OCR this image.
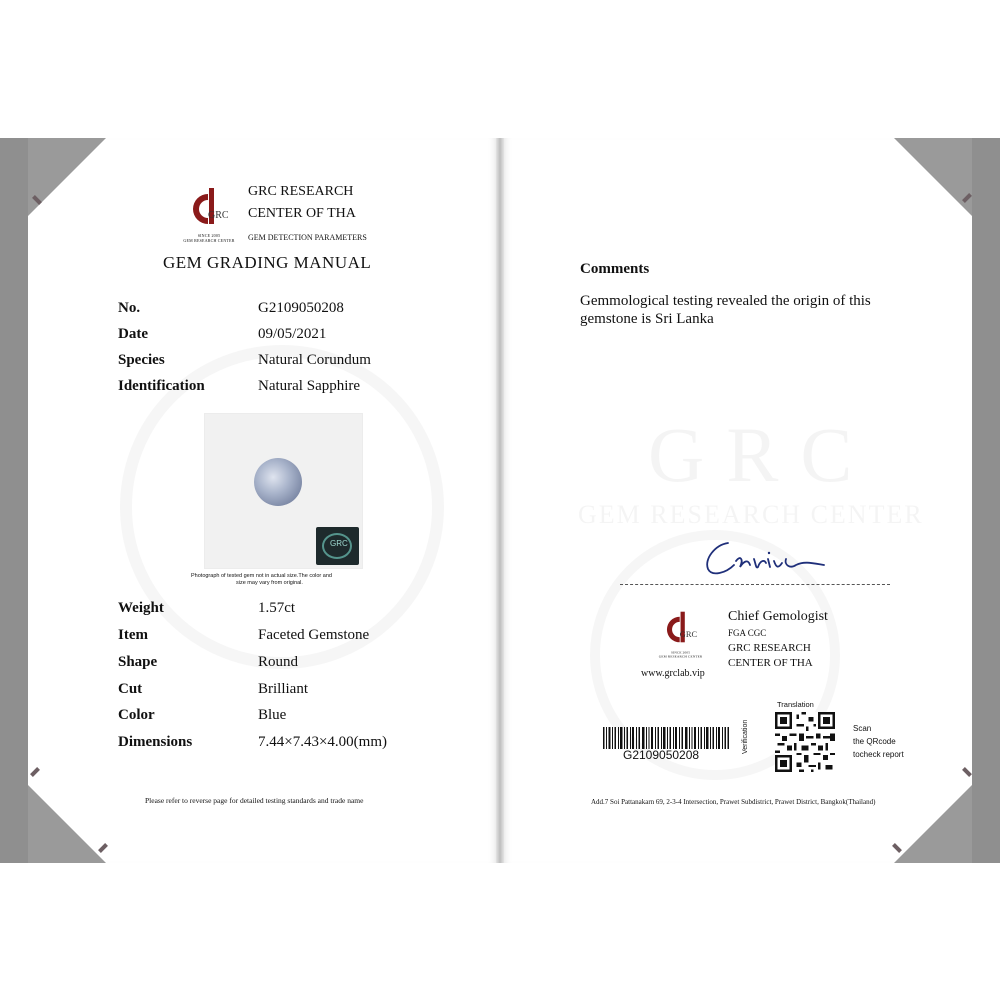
GRC
SINCE 2005
GEM RESEARCH CENTER
GRC RESEARCH
CENTER OF THA
GEM DETECTION PARAMETERS
GEM GRADING MANUAL
No.	G2109050208
Date	09/05/2021
Species	Natural Corundum
Identification	Natural Sapphire
GRC
Photograph of tested gem not in actual size.The color and
size may vary from original.
Weight	1.57ct
Item	Faceted Gemstone
Shape	Round
Cut	Brilliant
Color	Blue
Dimensions	7.44×7.43×4.00(mm)
Please refer to reverse page for detailed testing standards and trade name
Comments
Gemmological testing revealed the origin of this
gemstone is Sri Lanka
GRC
SINCE 2005
GEM RESEARCH CENTER
www.grclab.vip
Chief Gemologist
FGA CGC
GRC RESEARCH
CENTER OF THA
G2109050208
Verification
Translation
Scan
the QRcode
tocheck report
Add.7 Soi Pattanakarn 69, 2-3-4 Intersection, Prawet Subdistrict, Prawet District, Bangkok(Thailand)
